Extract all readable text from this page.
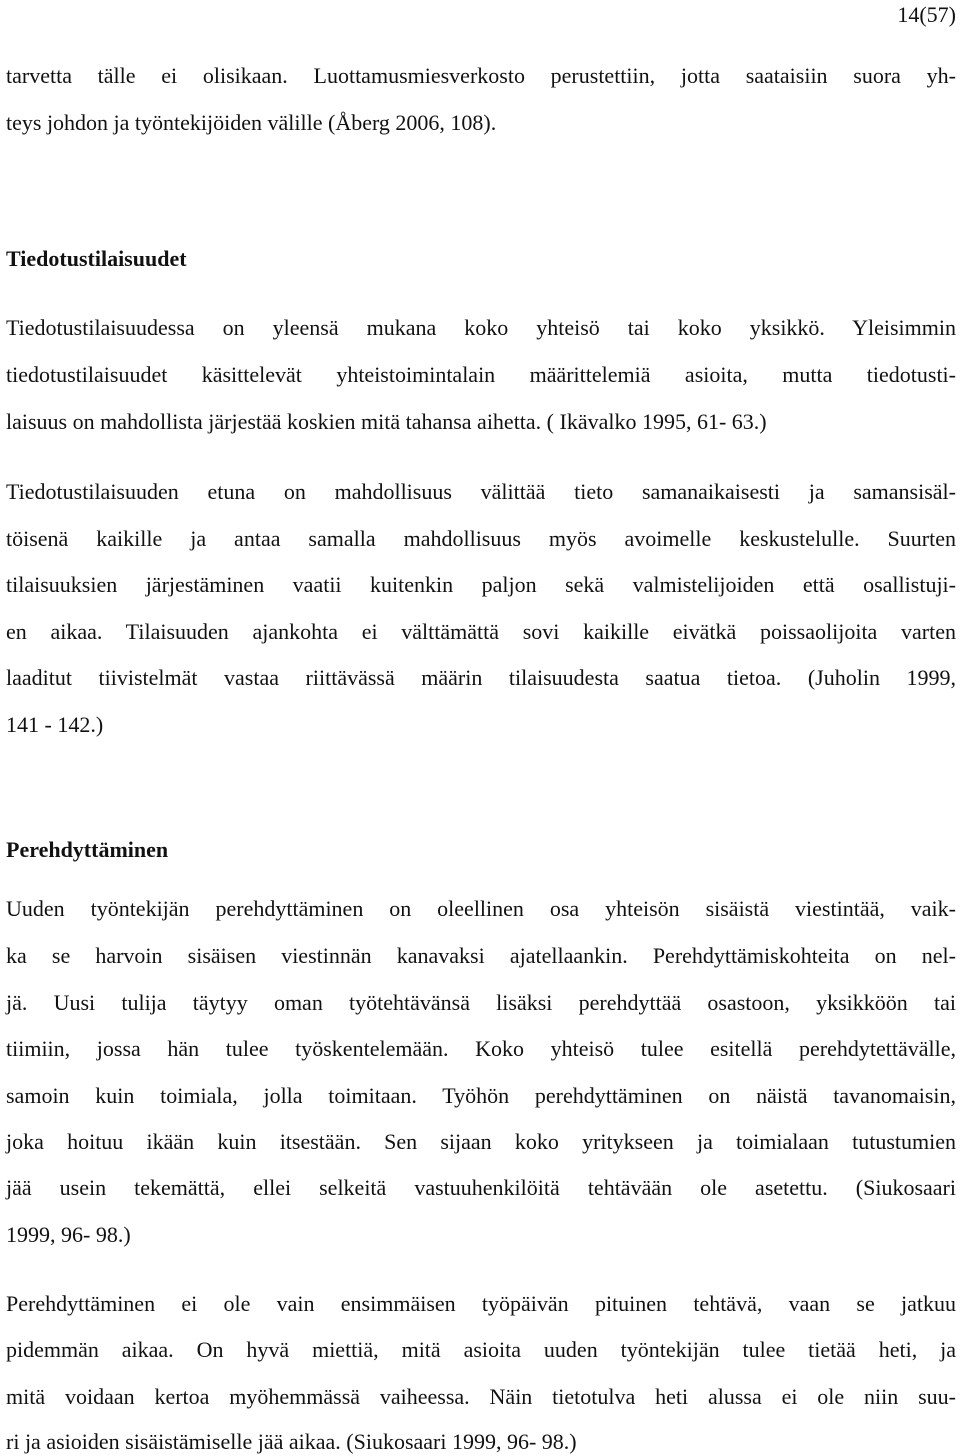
14(57)
tarvetta tälle ei olisikaan. Luottamusmiesverkosto perustettiin, jotta saataisiin suora yh-
teys johdon ja työntekijöiden välille (Åberg 2006, 108).
Tiedotustilaisuudet
Tiedotustilaisuudessa on yleensä mukana koko yhteisö tai koko yksikkö. Yleisimmin
tiedotustilaisuudet käsittelevät yhteistoimintalain määrittelemiä asioita, mutta tiedotusti-
laisuus on mahdollista järjestää koskien mitä tahansa aihetta. ( Ikävalko 1995, 61- 63.)
Tiedotustilaisuuden etuna on mahdollisuus välittää tieto samanaikaisesti ja samansisäl-
töisenä kaikille ja antaa samalla mahdollisuus myös avoimelle keskustelulle. Suurten
tilaisuuksien järjestäminen vaatii kuitenkin paljon sekä valmistelijoiden että osallistuji-
en aikaa. Tilaisuuden ajankohta ei välttämättä sovi kaikille eivätkä poissaolijoita varten
laaditut tiivistelmät vastaa riittävässä määrin tilaisuudesta saatua tietoa. (Juholin 1999,
141 - 142.)
Perehdyttäminen
Uuden työntekijän perehdyttäminen on oleellinen osa yhteisön sisäistä viestintää, vaik-
ka se harvoin sisäisen viestinnän kanavaksi ajatellaankin. Perehdyttämiskohteita on nel-
jä. Uusi tulija täytyy oman työtehtävänsä lisäksi perehdyttää osastoon, yksikköön tai
tiimiin, jossa hän tulee työskentelemään. Koko yhteisö tulee esitellä perehdytettävälle,
samoin kuin toimiala, jolla toimitaan. Työhön perehdyttäminen on näistä tavanomaisin,
joka hoituu ikään kuin itsestään. Sen sijaan koko yritykseen ja toimialaan tutustumien
jää usein tekemättä, ellei selkeitä vastuuhenkilöitä tehtävään ole asetettu. (Siukosaari
1999, 96- 98.)
Perehdyttäminen ei ole vain ensimmäisen työpäivän pituinen tehtävä, vaan se jatkuu
pidemmän aikaa. On hyvä miettiä, mitä asioita uuden työntekijän tulee tietää heti, ja
mitä voidaan kertoa myöhemmässä vaiheessa. Näin tietotulva heti alussa ei ole niin suu-
ri ja asioiden sisäistämiselle jää aikaa. (Siukosaari 1999, 96- 98.)
